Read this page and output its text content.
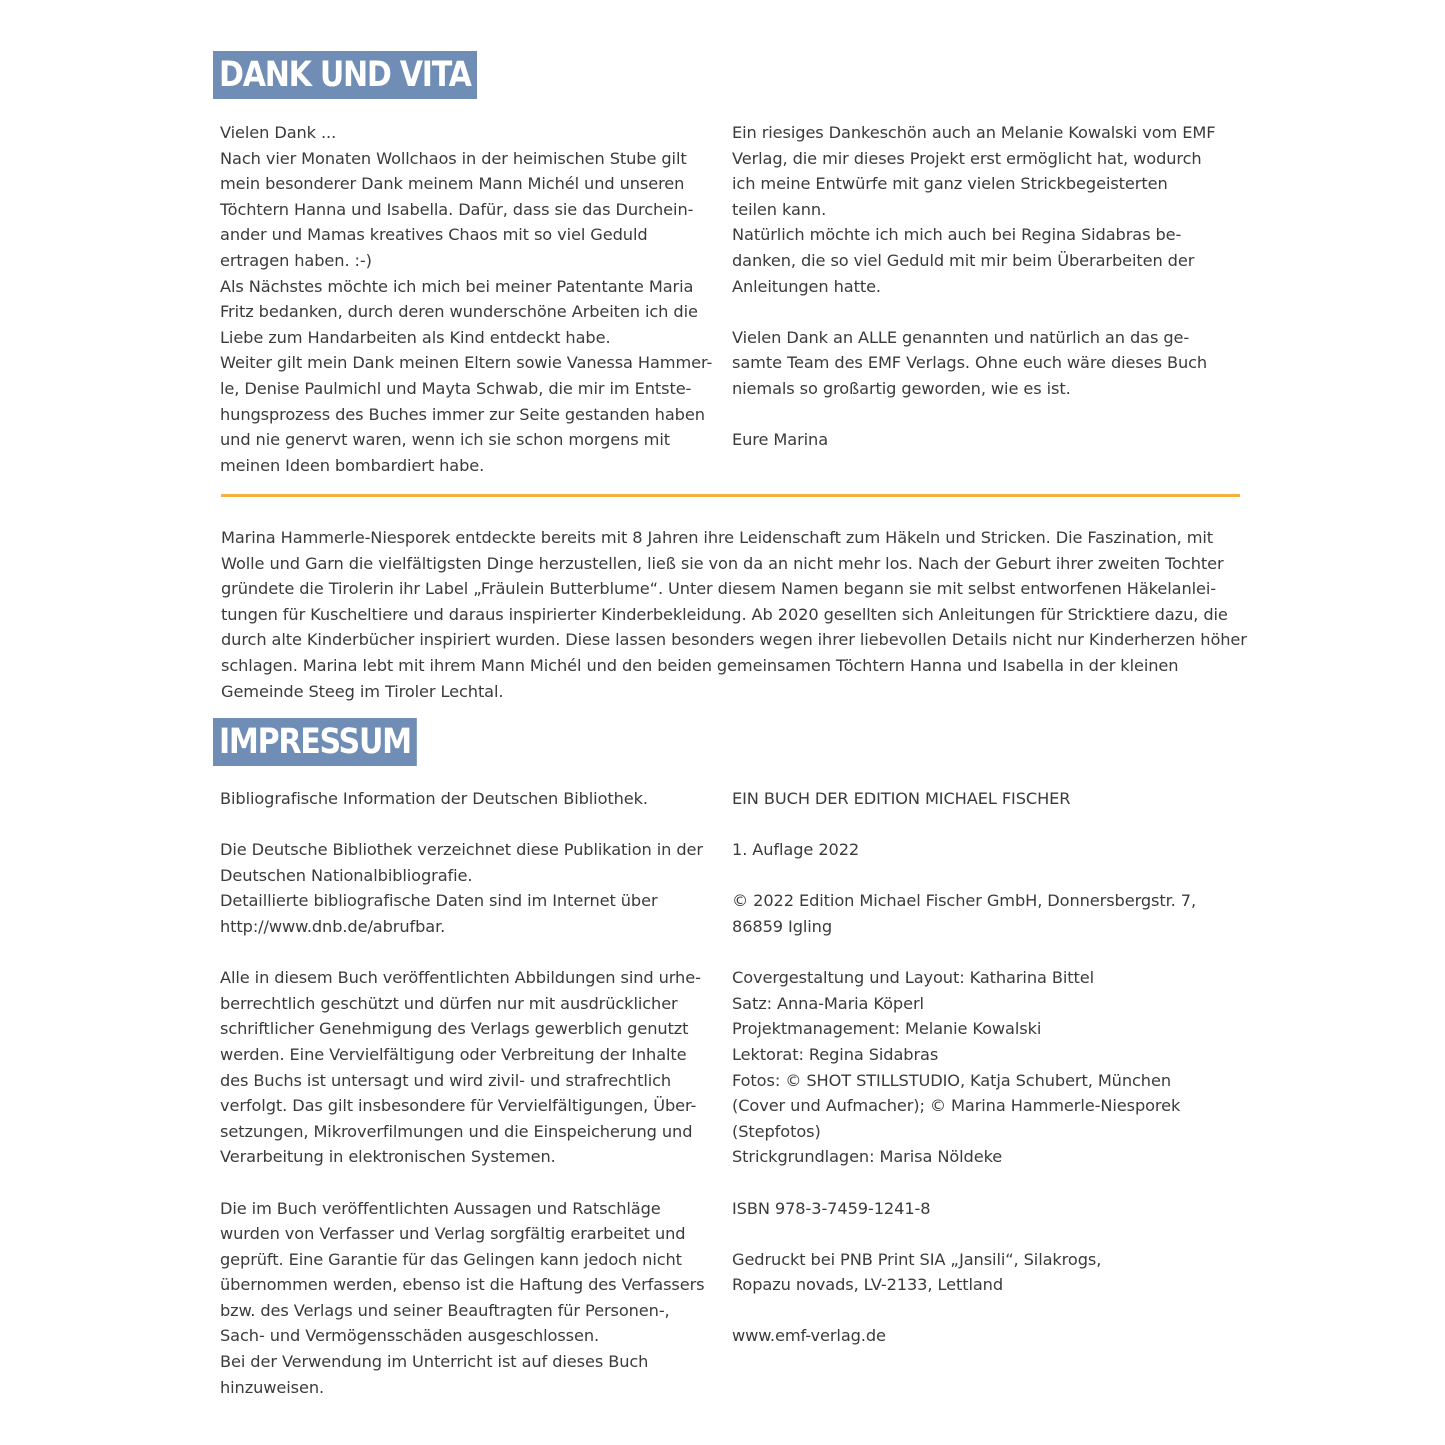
DANK UND VITA
Vielen Dank ...
Nach vier Monaten Wollchaos in der heimischen Stube gilt
mein besonderer Dank meinem Mann Michél und unseren
Töchtern Hanna und Isabella. Dafür, dass sie das Durchein-
ander und Mamas kreatives Chaos mit so viel Geduld
ertragen haben. :-)
Als Nächstes möchte ich mich bei meiner Patentante Maria
Fritz bedanken, durch deren wunderschöne Arbeiten ich die
Liebe zum Handarbeiten als Kind entdeckt habe.
Weiter gilt mein Dank meinen Eltern sowie Vanessa Hammer-
le, Denise Paulmichl und Mayta Schwab, die mir im Entste-
hungsprozess des Buches immer zur Seite gestanden haben
und nie genervt waren, wenn ich sie schon morgens mit
meinen Ideen bombardiert habe.
Ein riesiges Dankeschön auch an Melanie Kowalski vom EMF
Verlag, die mir dieses Projekt erst ermöglicht hat, wodurch
ich meine Entwürfe mit ganz vielen Strickbegeisterten
teilen kann.
Natürlich möchte ich mich auch bei Regina Sidabras be-
danken, die so viel Geduld mit mir beim Überarbeiten der
Anleitungen hatte.
Vielen Dank an ALLE genannten und natürlich an das ge-
samte Team des EMF Verlags. Ohne euch wäre dieses Buch
niemals so großartig geworden, wie es ist.
Eure Marina
Marina Hammerle-Niesporek entdeckte bereits mit 8 Jahren ihre Leidenschaft zum Häkeln und Stricken. Die Faszination, mit
Wolle und Garn die vielfältigsten Dinge herzustellen, ließ sie von da an nicht mehr los. Nach der Geburt ihrer zweiten Tochter
gründete die Tirolerin ihr Label „Fräulein Butterblume“. Unter diesem Namen begann sie mit selbst entworfenen Häkelanlei-
tungen für Kuscheltiere und daraus inspirierter Kinderbekleidung. Ab 2020 gesellten sich Anleitungen für Stricktiere dazu, die
durch alte Kinderbücher inspiriert wurden. Diese lassen besonders wegen ihrer liebevollen Details nicht nur Kinderherzen höher
schlagen. Marina lebt mit ihrem Mann Michél und den beiden gemeinsamen Töchtern Hanna und Isabella in der kleinen
Gemeinde Steeg im Tiroler Lechtal.
IMPRESSUM
Bibliografische Information der Deutschen Bibliothek.
Die Deutsche Bibliothek verzeichnet diese Publikation in der
Deutschen Nationalbibliografie.
Detaillierte bibliografische Daten sind im Internet über
http://www.dnb.de/abrufbar.
Alle in diesem Buch veröffentlichten Abbildungen sind urhe-
berrechtlich geschützt und dürfen nur mit ausdrücklicher
schriftlicher Genehmigung des Verlags gewerblich genutzt
werden. Eine Vervielfältigung oder Verbreitung der Inhalte
des Buchs ist untersagt und wird zivil- und strafrechtlich
verfolgt. Das gilt insbesondere für Vervielfältigungen, Über-
setzungen, Mikroverfilmungen und die Einspeicherung und
Verarbeitung in elektronischen Systemen.
Die im Buch veröffentlichten Aussagen und Ratschläge
wurden von Verfasser und Verlag sorgfältig erarbeitet und
geprüft. Eine Garantie für das Gelingen kann jedoch nicht
übernommen werden, ebenso ist die Haftung des Verfassers
bzw. des Verlags und seiner Beauftragten für Personen-,
Sach- und Vermögensschäden ausgeschlossen.
Bei der Verwendung im Unterricht ist auf dieses Buch
hinzuweisen.
EIN BUCH DER EDITION MICHAEL FISCHER
1. Auflage 2022
© 2022 Edition Michael Fischer GmbH, Donnersbergstr. 7,
86859 Igling
Covergestaltung und Layout: Katharina Bittel
Satz: Anna-Maria Köperl
Projektmanagement: Melanie Kowalski
Lektorat: Regina Sidabras
Fotos: © SHOT STILLSTUDIO, Katja Schubert, München
(Cover und Aufmacher); © Marina Hammerle-Niesporek
(Stepfotos)
Strickgrundlagen: Marisa Nöldeke
ISBN 978-3-7459-1241-8
Gedruckt bei PNB Print SIA „Jansili“, Silakrogs,
Ropazu novads, LV-2133, Lettland
www.emf-verlag.de
